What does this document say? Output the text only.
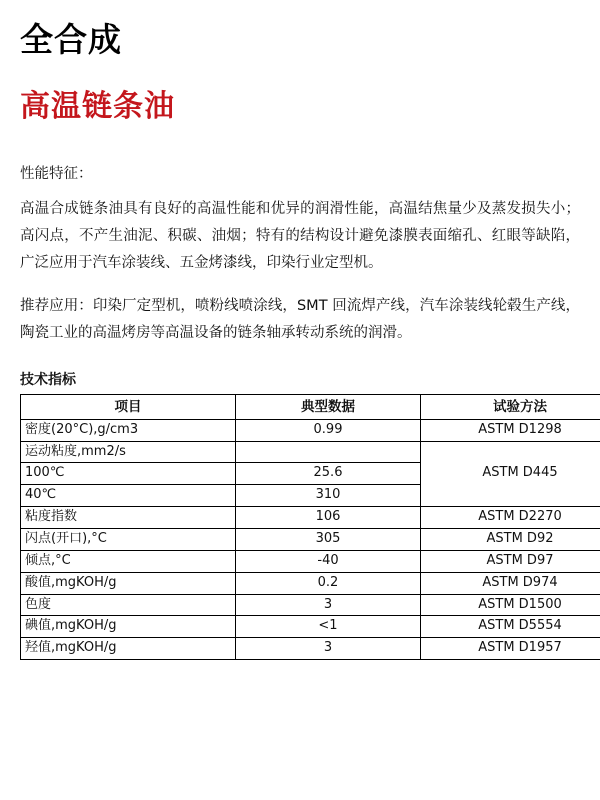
全合成
高温链条油
性能特征：

高温合成链条油具有良好的高温性能和优异的润滑性能，高温结焦量少及蒸发损失小；高闪点，不产生油泥、积碳、油烟；特有的结构设计避免漆膜表面缩孔、红眼等缺陷，广泛应用于汽车涂装线、五金烤漆线，印染行业定型机。

推荐应用：印染厂定型机，喷粉线喷涂线，SMT 回流焊产线，汽车涂装线轮毂生产线，陶瓷工业的高温烤房等高温设备的链条轴承转动系统的润滑。

技术指标
项目	典型数据	试验方法
密度(20°C),g/cm3	0.99	ASTM D1298
运动粘度,mm2/s		ASTM D445
100℃	25.6	
40℃	310	
粘度指数	106	ASTM D2270
闪点(开口),°C	305	ASTM D92
倾点,°C	-40	ASTM D97
酸值,mgKOH/g	0.2	ASTM D974
色度	3	ASTM D1500
碘值,mgKOH/g	<1	ASTM D5554
羟值,mgKOH/g	3	ASTM D1957
